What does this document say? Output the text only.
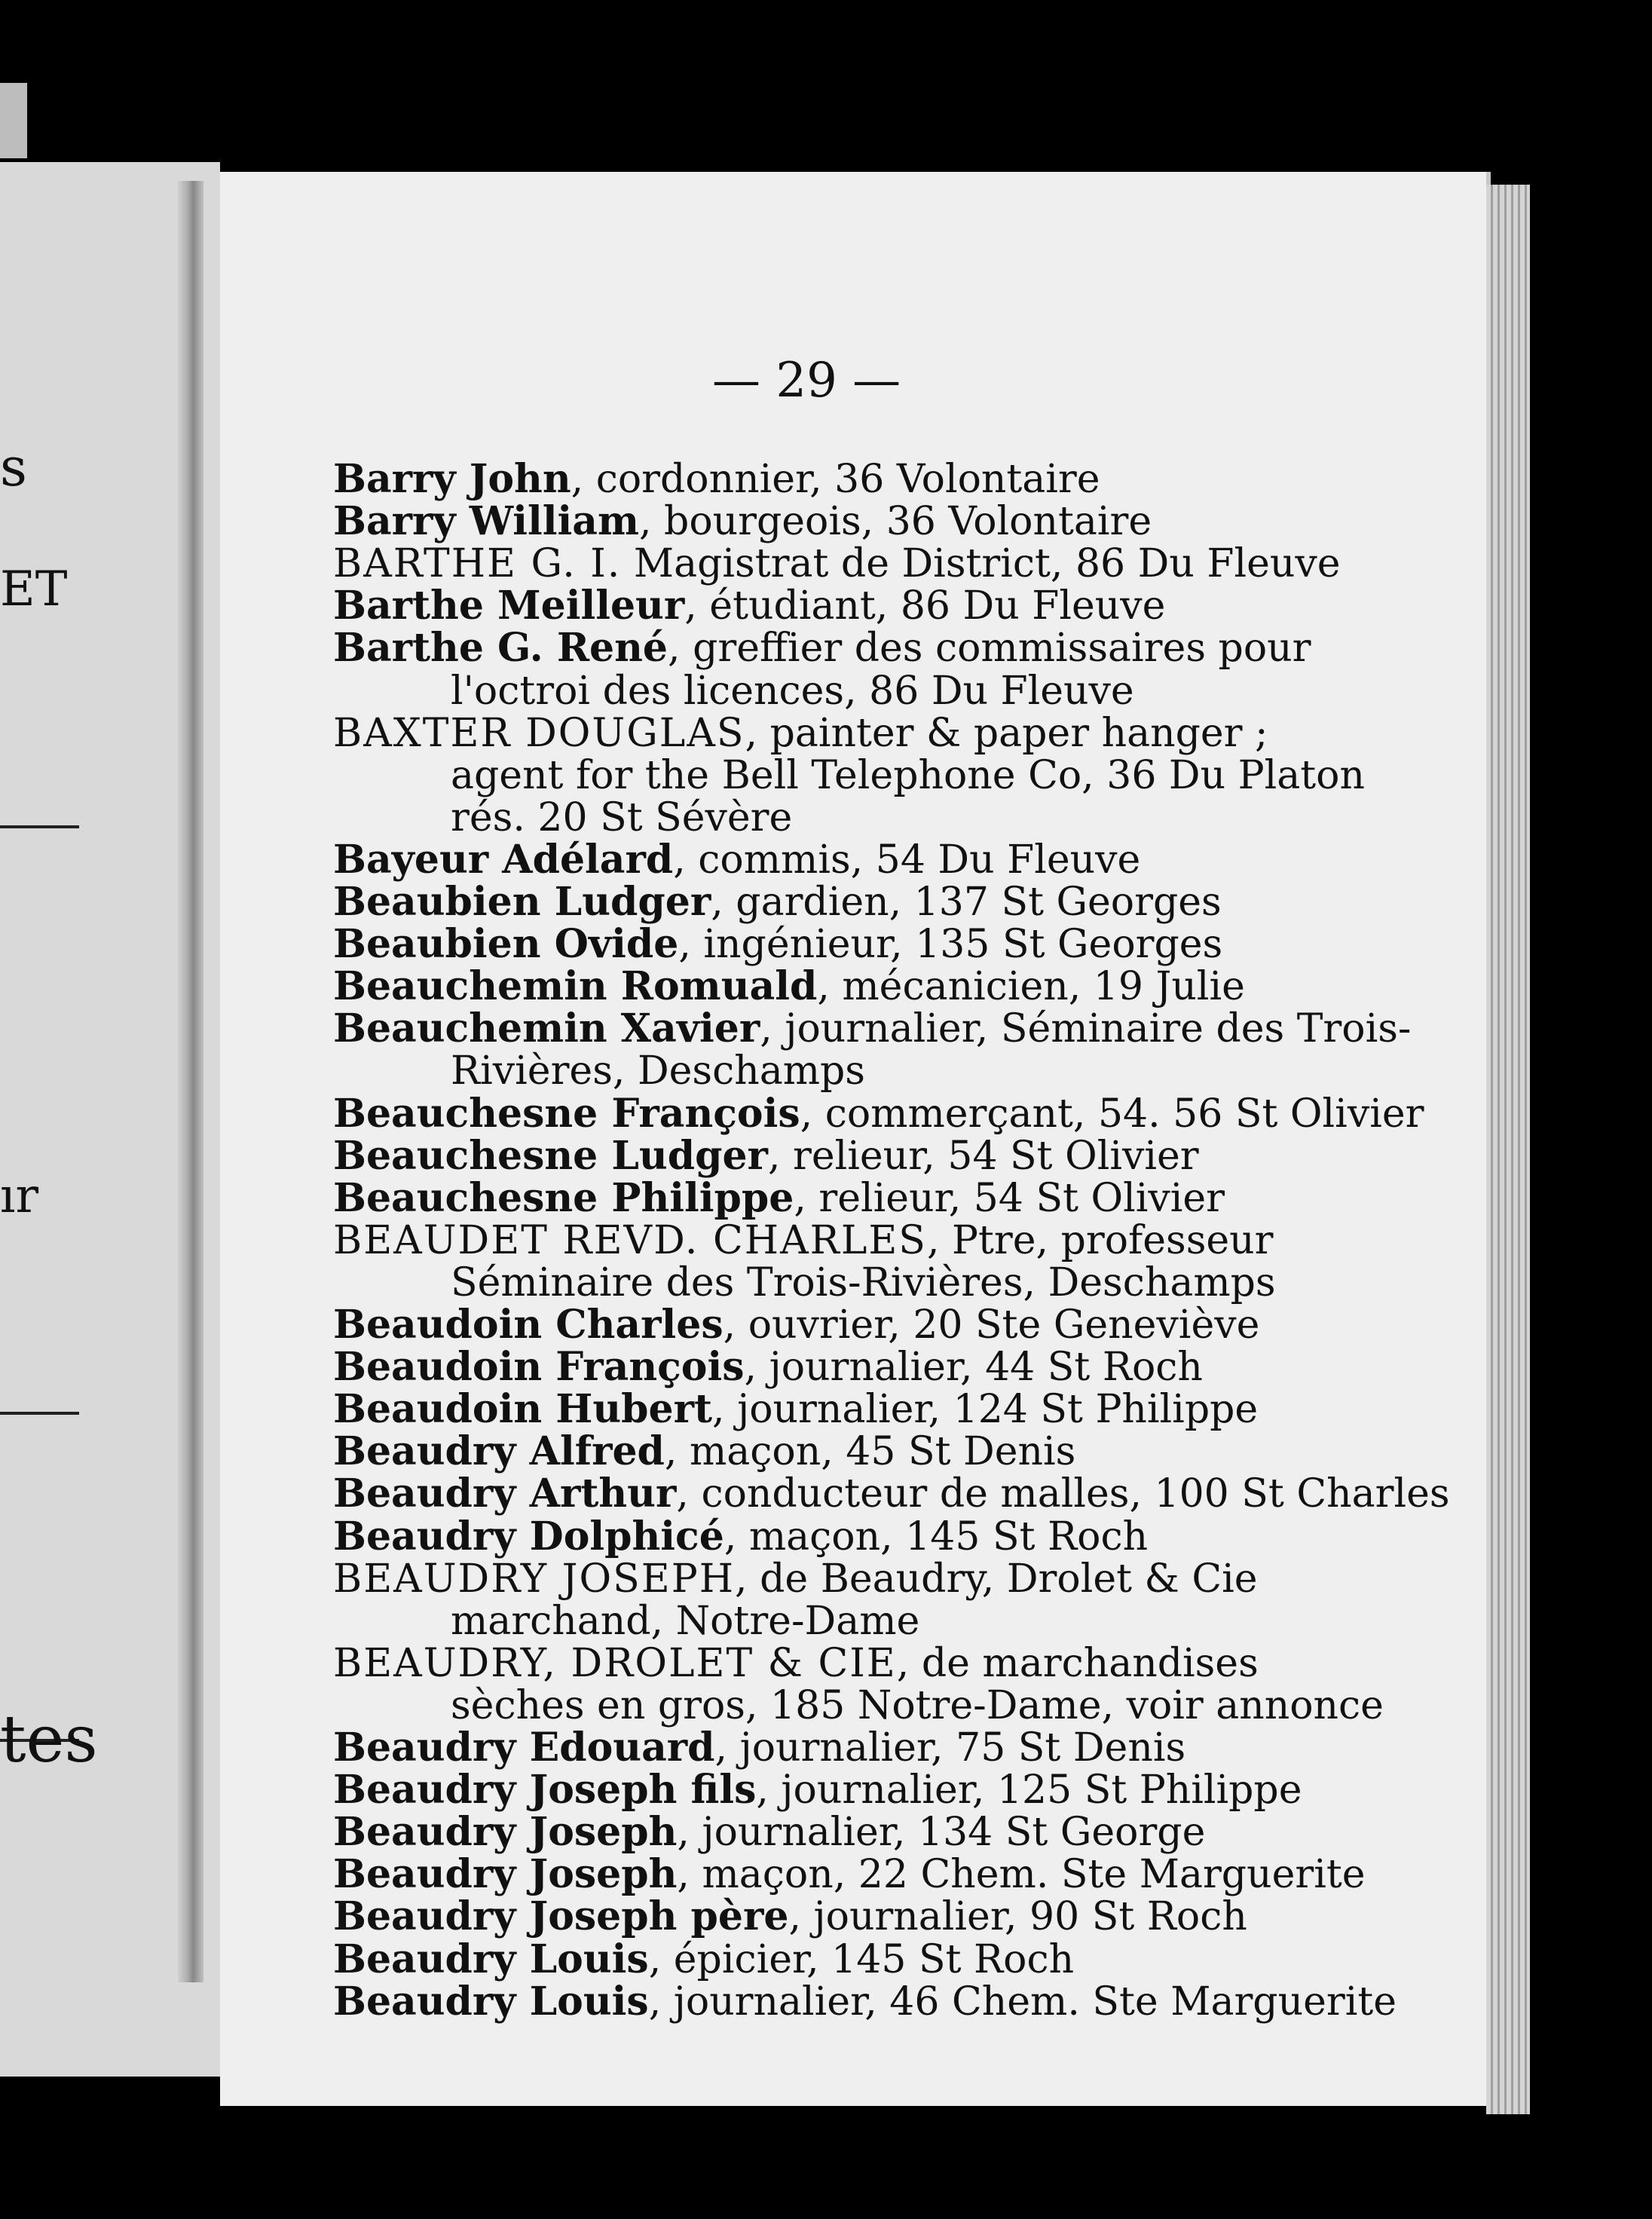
s
ET
ır
tes
— 29 —
Barry John, cordonnier, 36 Volontaire
Barry William, bourgeois, 36 Volontaire
BARTHE G. I. Magistrat de District, 86 Du Fleuve
Barthe Meilleur, étudiant, 86 Du Fleuve
Barthe G. René, greffier des commissaires pour
l'octroi des licences, 86 Du Fleuve
BAXTER DOUGLAS, painter & paper hanger ;
agent for the Bell Telephone Co, 36 Du Platon
rés. 20 St Sévère
Bayeur Adélard, commis, 54 Du Fleuve
Beaubien Ludger, gardien, 137 St Georges
Beaubien Ovide, ingénieur, 135 St Georges
Beauchemin Romuald, mécanicien, 19 Julie
Beauchemin Xavier, journalier, Séminaire des Trois-
Rivières, Deschamps
Beauchesne François, commerçant, 54. 56 St Olivier
Beauchesne Ludger, relieur, 54 St Olivier
Beauchesne Philippe, relieur, 54 St Olivier
BEAUDET REVD. CHARLES, Ptre, professeur
Séminaire des Trois-Rivières, Deschamps
Beaudoin Charles, ouvrier, 20 Ste Geneviève
Beaudoin François, journalier, 44 St Roch
Beaudoin Hubert, journalier, 124 St Philippe
Beaudry Alfred, maçon, 45 St Denis
Beaudry Arthur, conducteur de malles, 100 St Charles
Beaudry Dolphicé, maçon, 145 St Roch
BEAUDRY JOSEPH, de Beaudry, Drolet & Cie
marchand, Notre-Dame
BEAUDRY, DROLET & CIE, de marchandises
sèches en gros, 185 Notre-Dame, voir annonce
Beaudry Edouard, journalier, 75 St Denis
Beaudry Joseph fils, journalier, 125 St Philippe
Beaudry Joseph, journalier, 134 St George
Beaudry Joseph, maçon, 22 Chem. Ste Marguerite
Beaudry Joseph père, journalier, 90 St Roch
Beaudry Louis, épicier, 145 St Roch
Beaudry Louis, journalier, 46 Chem. Ste Marguerite
